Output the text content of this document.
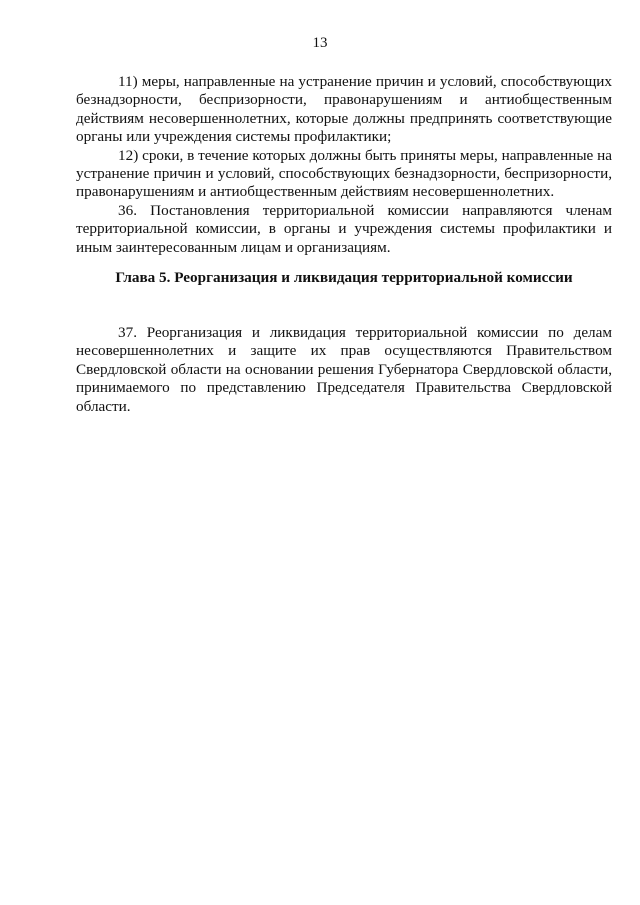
13

11) меры, направленные на устранение причин и условий, способствующих безнадзорности, беспризорности, правонарушениям и антиобщественным действиям несовершеннолетних, которые должны предпринять соответствующие органы или учреждения системы профилактики;

12) сроки, в течение которых должны быть приняты меры, направленные на устранение причин и условий, способствующих безнадзорности, беспризорности, правонарушениям и антиобщественным действиям несовершеннолетних.

36. Постановления территориальной комиссии направляются членам территориальной комиссии, в органы и учреждения системы профилактики и иным заинтересованным лицам и организациям.

Глава 5. Реорганизация и ликвидация территориальной комиссии

37. Реорганизация и ликвидация территориальной комиссии по делам несовершеннолетних и защите их прав осуществляются Правительством Свердловской области на основании решения Губернатора Свердловской области, принимаемого по представлению Председателя Правительства Свердловской области.
